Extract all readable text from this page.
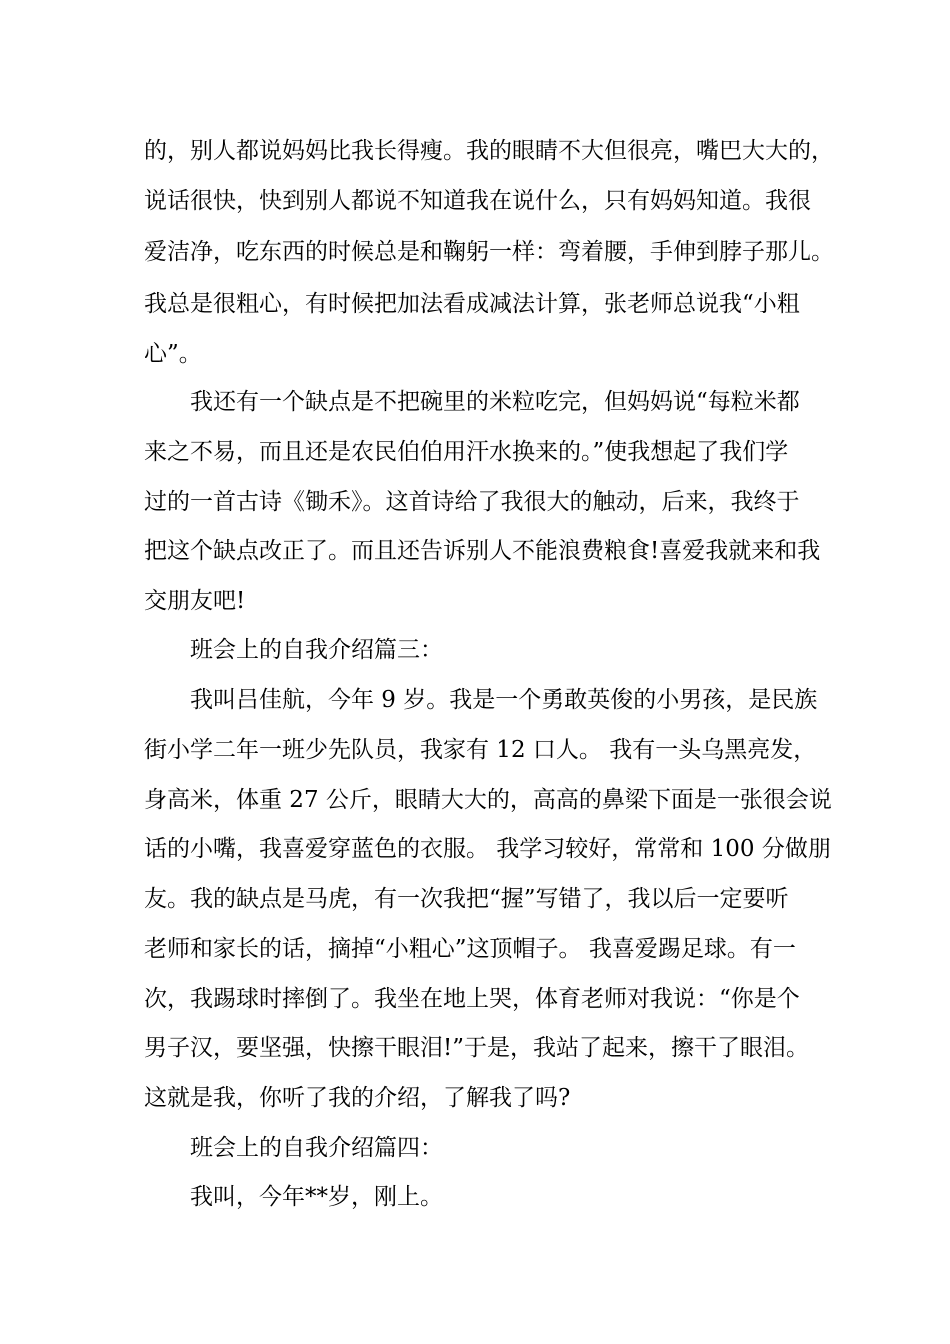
的，别人都说妈妈比我长得瘦。我的眼睛不大但很亮，嘴巴大大的，
说话很快，快到别人都说不知道我在说什么，只有妈妈知道。我很
爱洁净，吃东西的时候总是和鞠躬一样：弯着腰，手伸到脖子那儿。
我总是很粗心，有时候把加法看成减法计算，张老师总说我“小粗
心”。
我还有一个缺点是不把碗里的米粒吃完，但妈妈说“每粒米都
来之不易，而且还是农民伯伯用汗水换来的。”使我想起了我们学
过的一首古诗《锄禾》。这首诗给了我很大的触动，后来，我终于
把这个缺点改正了。而且还告诉别人不能浪费粮食!喜爱我就来和我
交朋友吧!
班会上的自我介绍篇三：
我叫吕佳航，今年 9 岁。我是一个勇敢英俊的小男孩，是民族
街小学二年一班少先队员，我家有 12 口人。 我有一头乌黑亮发，
身高米，体重 27 公斤，眼睛大大的，高高的鼻梁下面是一张很会说
话的小嘴，我喜爱穿蓝色的衣服。 我学习较好，常常和 100 分做朋
友。我的缺点是马虎，有一次我把“握”写错了，我以后一定要听
老师和家长的话，摘掉“小粗心”这顶帽子。 我喜爱踢足球。有一
次，我踢球时摔倒了。我坐在地上哭，体育老师对我说：“你是个
男子汉，要坚强，快擦干眼泪!”于是，我站了起来，擦干了眼泪。
这就是我，你听了我的介绍，了解我了吗?
班会上的自我介绍篇四：
我叫，今年**岁，刚上。
